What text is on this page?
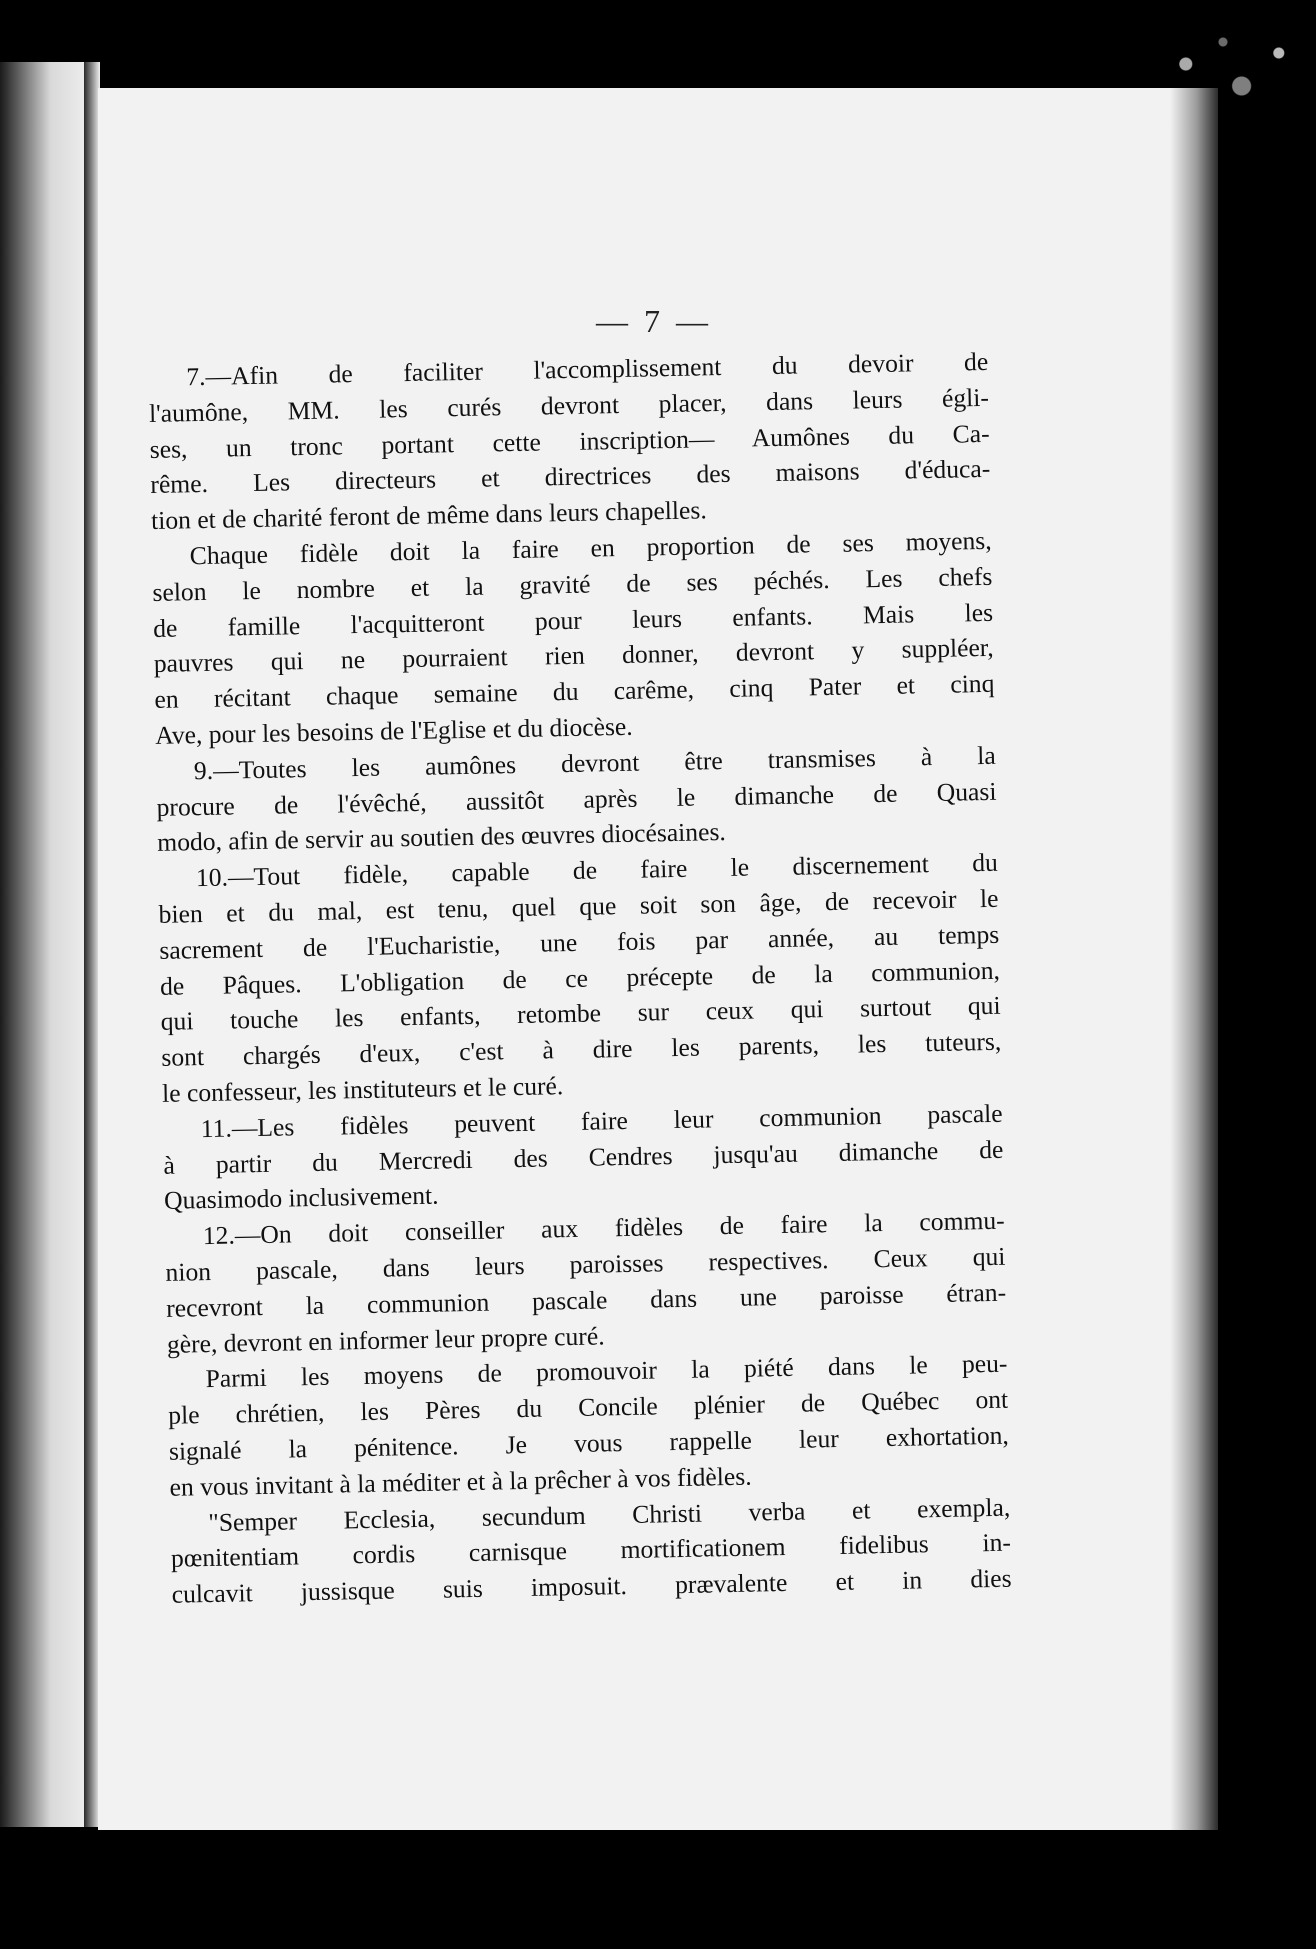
— 7 —
7.—Afin de faciliter l'accomplissement du devoir de
l'aumône, MM. les curés devront placer, dans leurs égli-
ses, un tronc portant cette inscription— Aumônes du Ca-
rême. Les directeurs et directrices des maisons d'éduca-
tion et de charité feront de même dans leurs chapelles.
Chaque fidèle doit la faire en proportion de ses moyens,
selon le nombre et la gravité de ses péchés. Les chefs
de famille l'acquitteront pour leurs enfants. Mais les
pauvres qui ne pourraient rien donner, devront y suppléer,
en récitant chaque semaine du carême, cinq Pater et cinq
Ave, pour les besoins de l'Eglise et du diocèse.
9.—Toutes les aumônes devront être transmises à la
procure de l'évêché, aussitôt après le dimanche de Quasi
modo, afin de servir au soutien des œuvres diocésaines.
10.—Tout fidèle, capable de faire le discernement du
bien et du mal, est tenu, quel que soit son âge, de recevoir le
sacrement de l'Eucharistie, une fois par année, au temps
de Pâques. L'obligation de ce précepte de la communion,
qui touche les enfants, retombe sur ceux qui surtout qui
sont chargés d'eux, c'est à dire les parents, les tuteurs,
le confesseur, les instituteurs et le curé.
11.—Les fidèles peuvent faire leur communion pascale
à partir du Mercredi des Cendres jusqu'au dimanche de
Quasimodo inclusivement.
12.—On doit conseiller aux fidèles de faire la commu-
nion pascale, dans leurs paroisses respectives. Ceux qui
recevront la communion pascale dans une paroisse étran-
gère, devront en informer leur propre curé.
Parmi les moyens de promouvoir la piété dans le peu-
ple chrétien, les Pères du Concile plénier de Québec ont
signalé la pénitence. Je vous rappelle leur exhortation,
en vous invitant à la méditer et à la prêcher à vos fidèles.
"Semper Ecclesia, secundum Christi verba et exempla,
pœnitentiam cordis carnisque mortificationem fidelibus in-
culcavit jussisque suis imposuit. prævalente et in dies
